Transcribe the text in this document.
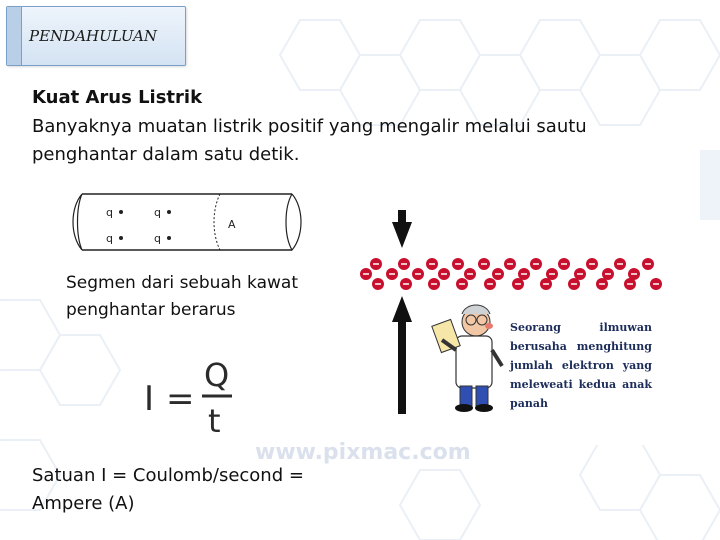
PENDAHULUAN
Kuat Arus Listrik
Banyaknya muatan listrik positif yang mengalir melalui sautu penghantar dalam satu detik.
q	q
q	q
A
Segmen dari sebuah kawat penghantar berarus
I =
Q
t
Satuan I = Coulomb/second = Ampere (A)
Seorang ilmuwan berusaha menghitung jumlah elektron yang meleweati kedua anak panah
www.pixmac.com
